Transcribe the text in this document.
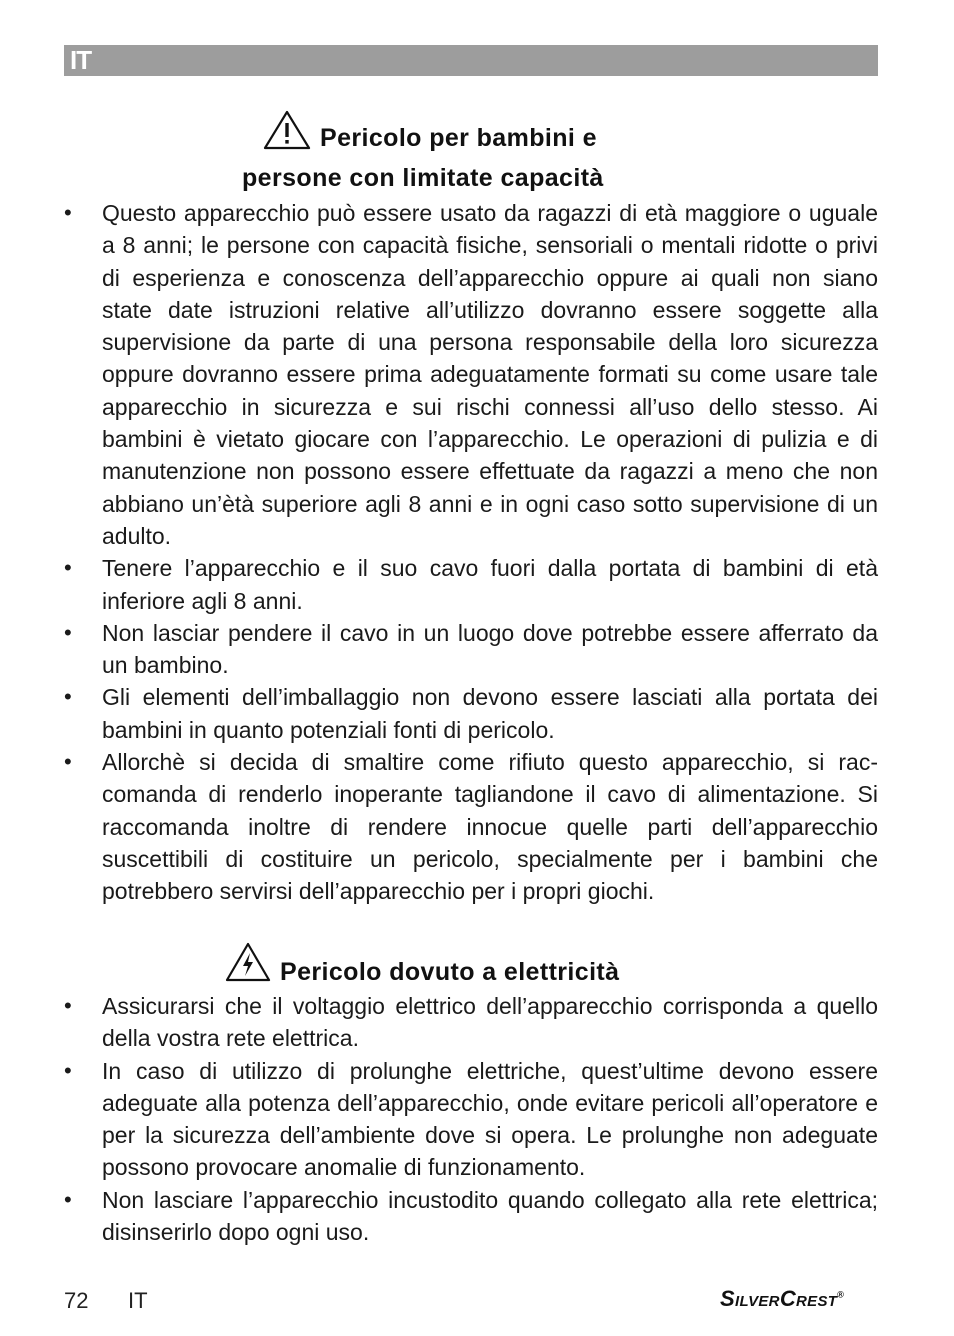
IT
Pericolo per bambini e
persone con limitate capacità
• Questo apparecchio può essere usato da ragazzi di età maggiore o uguale a 8 anni; le persone con capacità fisiche, sensoriali o mentali ridotte o privi di esperienza e conoscenza dell’apparecchio oppure ai quali non siano state date istruzioni relative all’utilizzo dovranno essere soggette alla supervisione da parte di una persona responsabile della loro sicurezza oppure dovranno essere prima adeguatamente formati su come usare tale apparecchio in sicurezza e sui rischi connessi all’uso dello stesso. Ai bambini è vietato giocare con l’apparecchio. Le operazioni di pulizia e di manutenzione non possono essere effettuate da ragazzi a meno che non abbiano un’ètà superiore agli 8 anni e in ogni caso sotto supervisione di un adulto.
• Tenere l’apparecchio e il suo cavo fuori dalla portata di bambini di età inferiore agli 8 anni.
• Non lasciar pendere il cavo in un luogo dove potrebbe essere afferrato da un bambino.
• Gli elementi dell’imballaggio non devono essere lasciati alla portata dei bambini in quanto potenziali fonti di pericolo.
• Allorchè si decida di smaltire come rifiuto questo apparecchio, si raccomanda di renderlo inoperante tagliandone il cavo di alimentazione. Si raccomanda inoltre di rendere innocue quelle parti dell’apparecchio suscettibili di costituire un pericolo, specialmente per i bambini che potrebbero servirsi dell’apparecchio per i propri giochi.
Pericolo dovuto a elettricità
• Assicurarsi che il voltaggio elettrico dell’apparecchio corrisponda a quello della vostra rete elettrica.
• In caso di utilizzo di prolunghe elettriche, quest’ultime devono essere adeguate alla potenza dell’apparecchio, onde evitare pericoli all’operatore e per la sicurezza dell’ambiente dove si opera. Le prolunghe non adeguate possono provocare anomalie di funzionamento.
• Non lasciare l’apparecchio incustodito quando collegato alla rete elettrica; disinserirlo dopo ogni uso.
72 IT	SilverCrest®
